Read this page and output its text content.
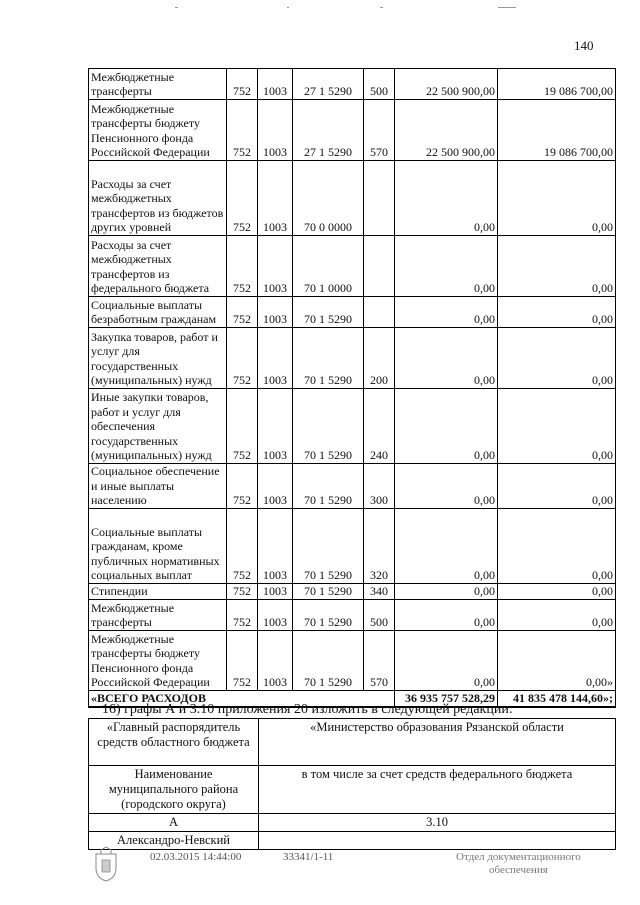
140
Межбюджетные трансферты	752	1003	27 1 5290	500	22 500 900,00	19 086 700,00
Межбюджетные трансферты бюджету Пенсионного фонда Российской Федерации	752	1003	27 1 5290	570	22 500 900,00	19 086 700,00
Расходы за счет межбюджетных трансфертов из бюджетов других уровней	752	1003	70 0 0000		0,00	0,00
Расходы за счет межбюджетных трансфертов из федерального бюджета	752	1003	70 1 0000		0,00	0,00
Социальные выплаты безработным гражданам	752	1003	70 1 5290		0,00	0,00
Закупка товаров, работ и услуг для государственных (муниципальных) нужд	752	1003	70 1 5290	200	0,00	0,00
Иные закупки товаров, работ и услуг для обеспечения государственных (муниципальных) нужд	752	1003	70 1 5290	240	0,00	0,00
Социальное обеспечение и иные выплаты населению	752	1003	70 1 5290	300	0,00	0,00
Социальные выплаты гражданам, кроме публичных нормативных социальных выплат	752	1003	70 1 5290	320	0,00	0,00
Стипендии	752	1003	70 1 5290	340	0,00	0,00
Межбюджетные трансферты	752	1003	70 1 5290	500	0,00	0,00
Межбюджетные трансферты бюджету Пенсионного фонда Российской Федерации	752	1003	70 1 5290	570	0,00	0,00»
«ВСЕГО РАСХОДОВ					36 935 757 528,29	41 835 478 144,60»;
16) графы А и 3.10 приложения 20 изложить в следующей редакции:
«Главный распорядитель средств областного бюджета	«Министерство образования Рязанской области
Наименование муниципального района (городского округа)	в том числе за счет средств федерального бюджета
А	3.10
Александро-Невский	
02.03.2015 14:44:00	33341/1-11	Отдел документационного
обеспечения
